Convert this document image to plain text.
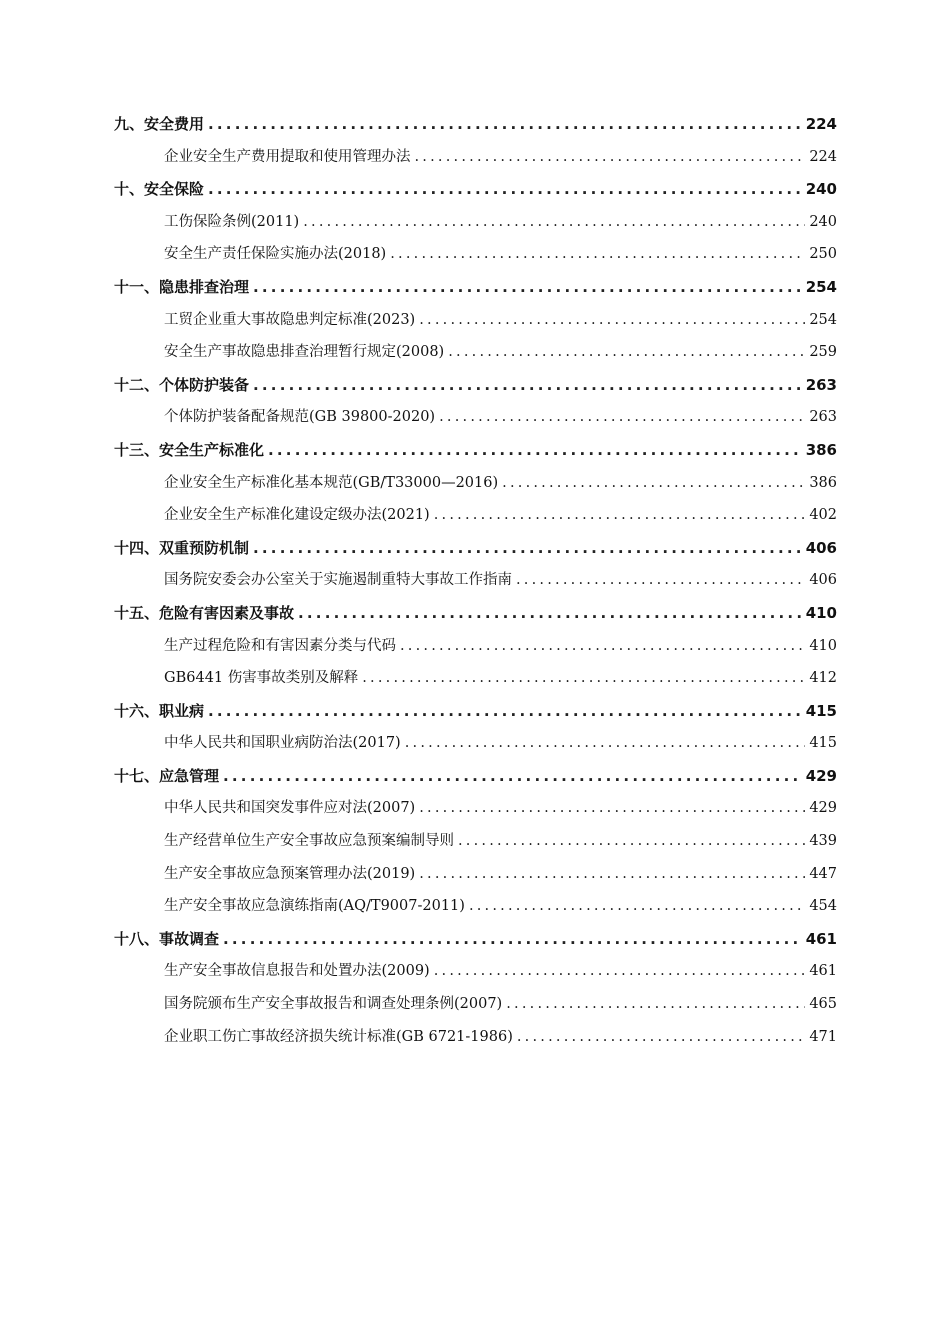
九、安全费用 .....	224
企业安全生产费用提取和使用管理办法 .....	224
十、安全保险 .....	240
工伤保险条例(2011) .....	240
安全生产责任保险实施办法(2018) .....	250
十一、隐患排查治理 .....	254
工贸企业重大事故隐患判定标准(2023) .....	254
安全生产事故隐患排查治理暂行规定(2008) .....	259
十二、个体防护装备 .....	263
个体防护装备配备规范(GB 39800-2020) .....	263
十三、安全生产标准化 .....	386
企业安全生产标准化基本规范(GB/T33000—2016) .....	386
企业安全生产标准化建设定级办法(2021) .....	402
十四、双重预防机制 .....	406
国务院安委会办公室关于实施遏制重特大事故工作指南 .....	406
十五、危险有害因素及事故 .....	410
生产过程危险和有害因素分类与代码 .....	410
GB6441 伤害事故类别及解释 .....	412
十六、职业病 .....	415
中华人民共和国职业病防治法(2017) .....	415
十七、应急管理 .....	429
中华人民共和国突发事件应对法(2007) .....	429
生产经营单位生产安全事故应急预案编制导则 .....	439
生产安全事故应急预案管理办法(2019) .....	447
生产安全事故应急演练指南(AQ/T9007-2011) .....	454
十八、事故调查 .....	461
生产安全事故信息报告和处置办法(2009) .....	461
国务院颁布生产安全事故报告和调查处理条例(2007) .....	465
企业职工伤亡事故经济损失统计标准(GB 6721-1986) .....	471
